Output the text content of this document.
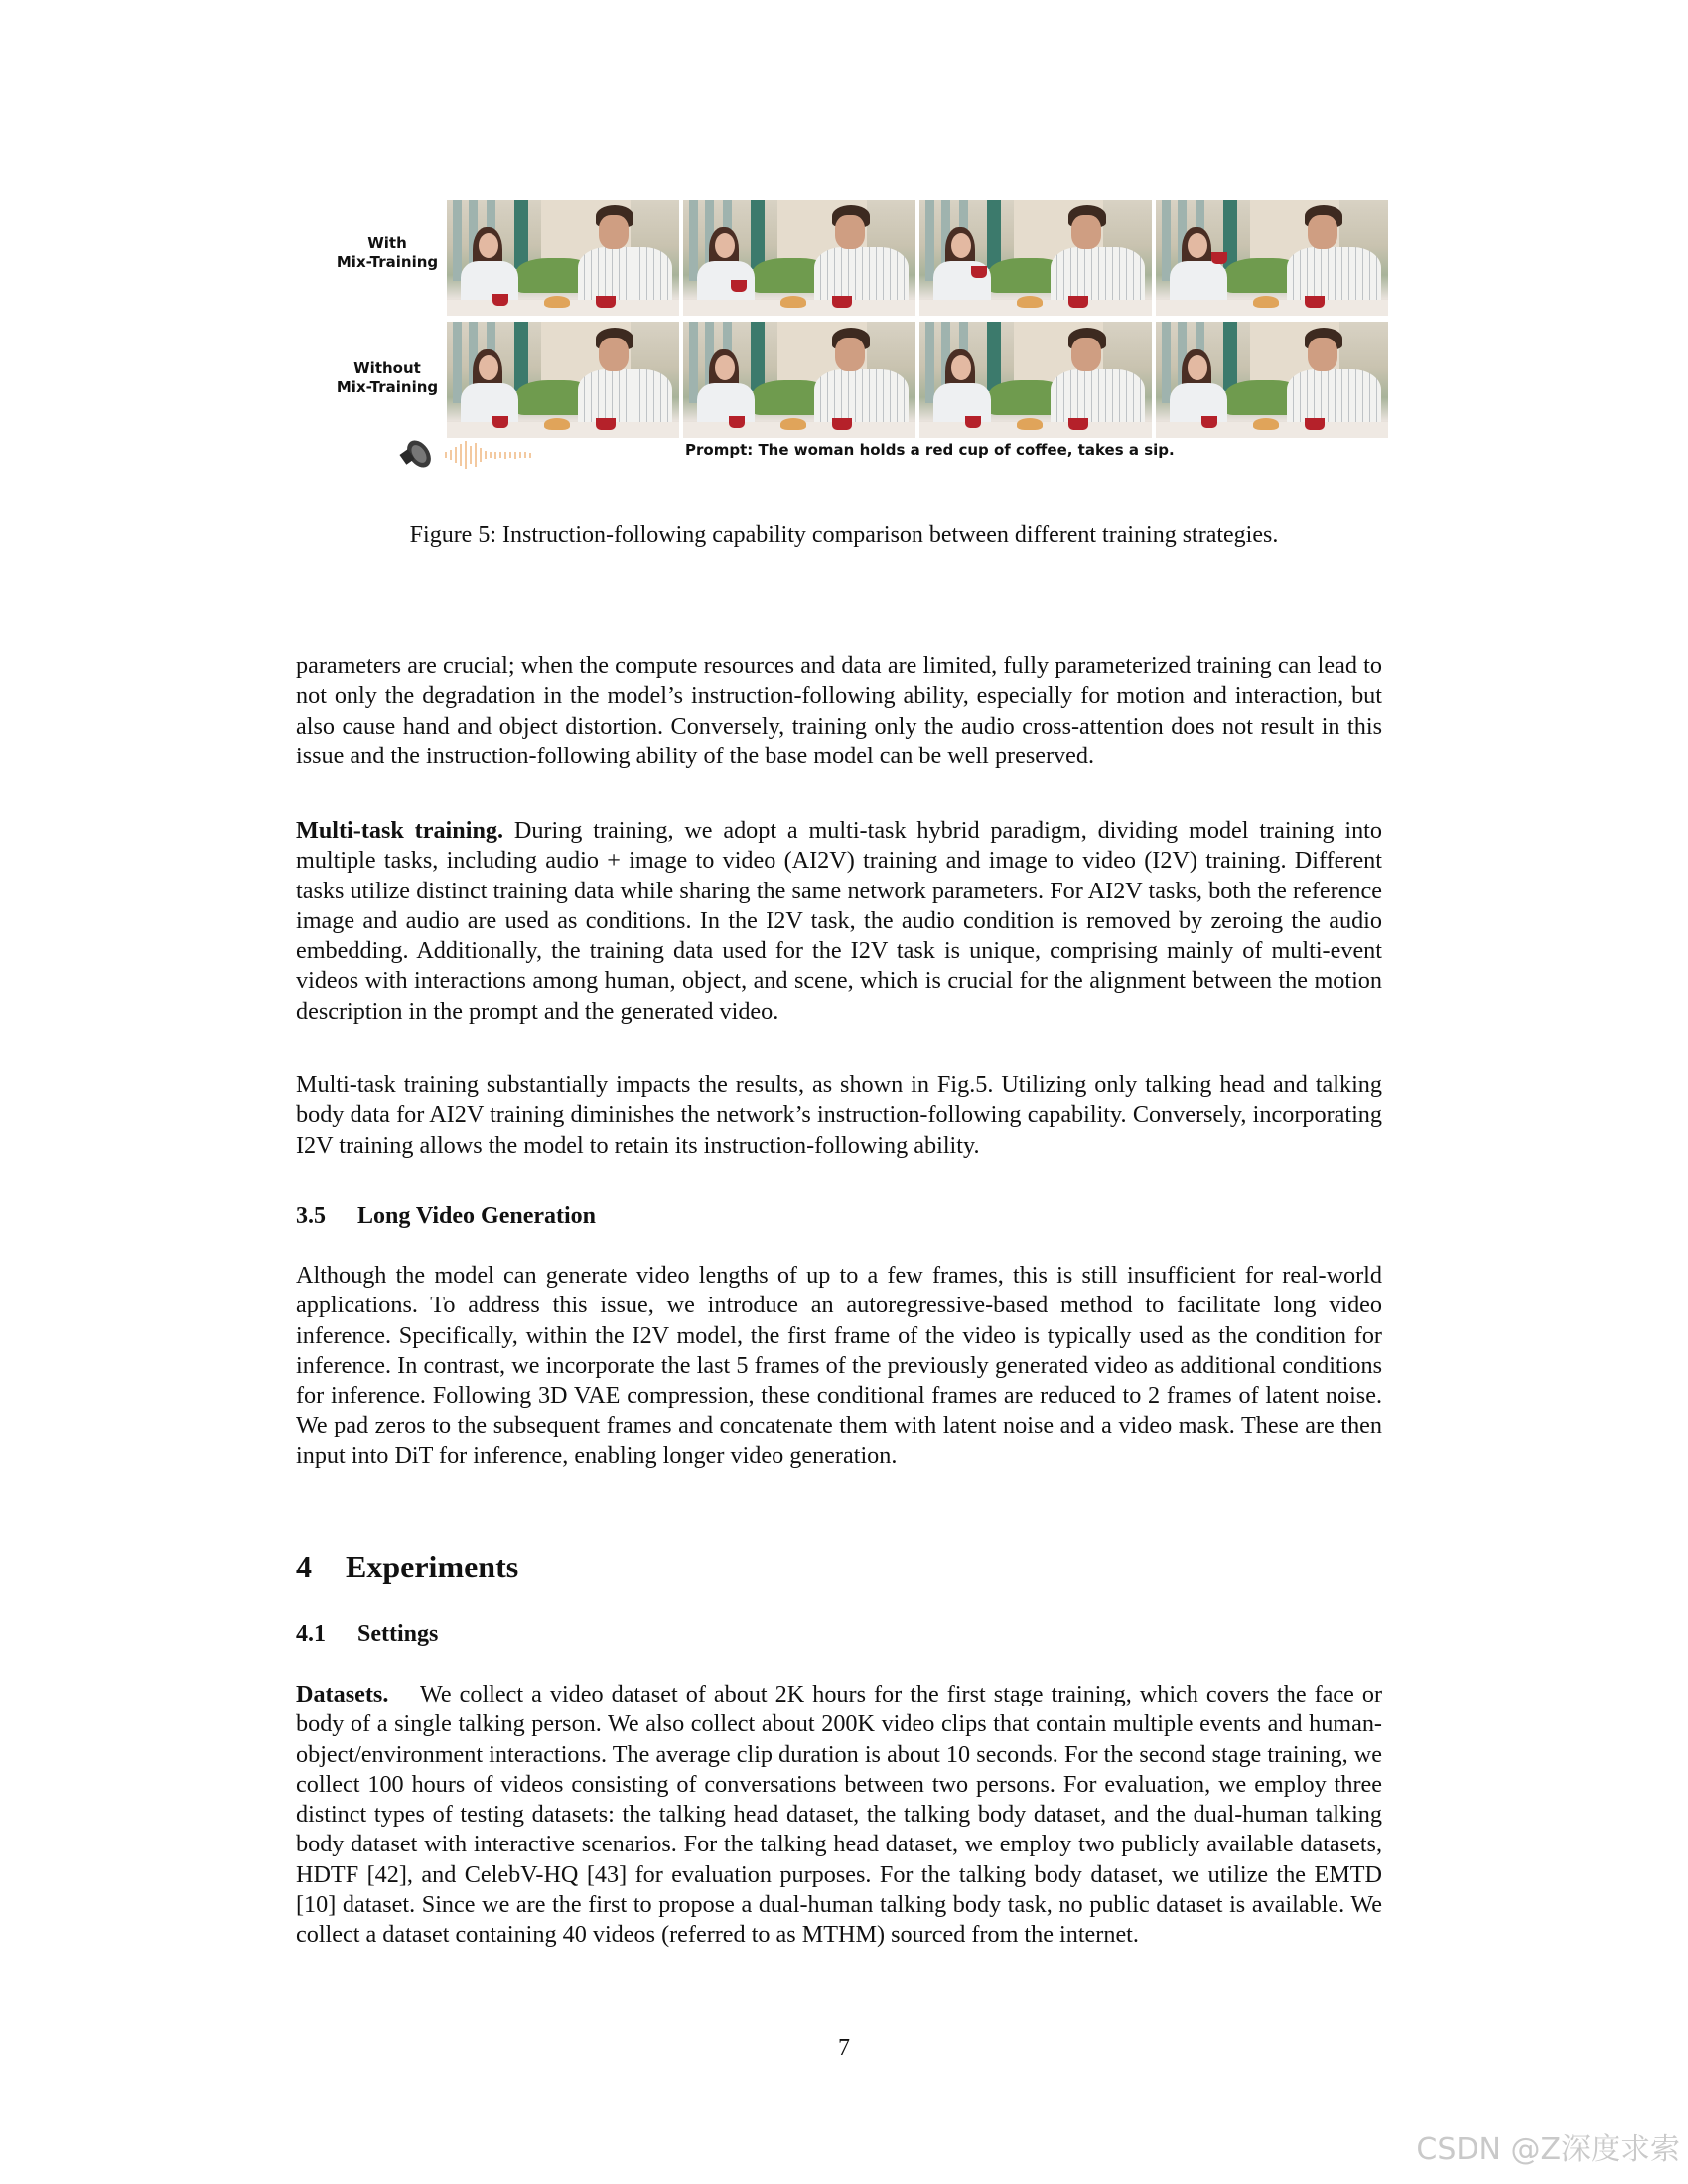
With
Mix-Training
Without
Mix-Training
Prompt: The woman holds a red cup of coffee, takes a sip.
Figure 5: Instruction-following capability comparison between different training strategies.
parameters are crucial; when the compute resources and data are limited, fully parameterized training can lead to not only the degradation in the model’s instruction-following ability, especially for motion and interaction, but also cause hand and object distortion. Conversely, training only the audio cross-attention does not result in this issue and the instruction-following ability of the base model can be well preserved.
Multi-task training. During training, we adopt a multi-task hybrid paradigm, dividing model training into multiple tasks, including audio + image to video (AI2V) training and image to video (I2V) training. Different tasks utilize distinct training data while sharing the same network parameters. For AI2V tasks, both the reference image and audio are used as conditions. In the I2V task, the audio condition is removed by zeroing the audio embedding. Additionally, the training data used for the I2V task is unique, comprising mainly of multi-event videos with interactions among human, object, and scene, which is crucial for the alignment between the motion description in the prompt and the generated video.
Multi-task training substantially impacts the results, as shown in Fig.5. Utilizing only talking head and talking body data for AI2V training diminishes the network’s instruction-following capability. Conversely, incorporating I2V training allows the model to retain its instruction-following ability.
3.5 Long Video Generation
Although the model can generate video lengths of up to a few frames, this is still insufficient for real-world applications. To address this issue, we introduce an autoregressive-based method to facilitate long video inference. Specifically, within the I2V model, the first frame of the video is typically used as the condition for inference. In contrast, we incorporate the last 5 frames of the previously generated video as additional conditions for inference. Following 3D VAE compression, these conditional frames are reduced to 2 frames of latent noise. We pad zeros to the subsequent frames and concatenate them with latent noise and a video mask. These are then input into DiT for inference, enabling longer video generation.
4 Experiments
4.1 Settings
Datasets.    We collect a video dataset of about 2K hours for the first stage training, which covers the face or body of a single talking person. We also collect about 200K video clips that contain multiple events and human-object/environment interactions. The average clip duration is about 10 seconds. For the second stage training, we collect 100 hours of videos consisting of conversations between two persons. For evaluation, we employ three distinct types of testing datasets: the talking head dataset, the talking body dataset, and the dual-human talking body dataset with interactive scenarios. For the talking head dataset, we employ two publicly available datasets, HDTF [42], and CelebV-HQ [43] for evaluation purposes. For the talking body dataset, we utilize the EMTD [10] dataset. Since we are the first to propose a dual-human talking body task, no public dataset is available. We collect a dataset containing 40 videos (referred to as MTHM) sourced from the internet.
7
CSDN @Z深度求索
